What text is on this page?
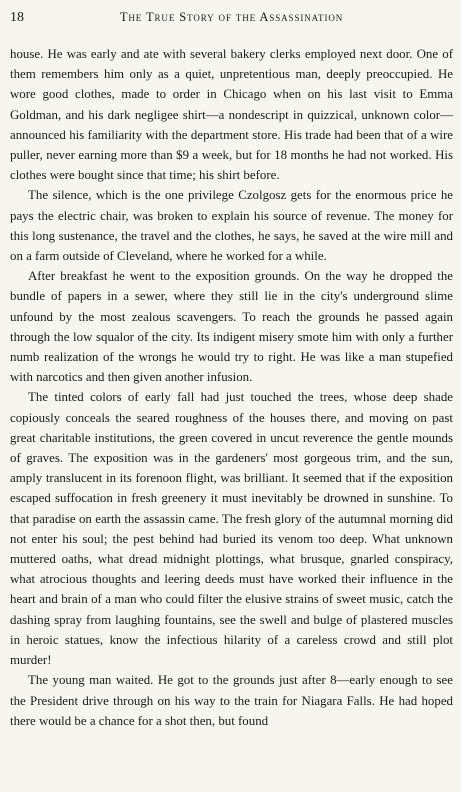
18	The True Story of the Assassination

house. He was early and ate with several bakery clerks employed next door. One of them remembers him only as a quiet, unpretentious man, deeply preoccupied. He wore good clothes, made to order in Chicago when on his last visit to Emma Goldman, and his dark negligee shirt—a nondescript in quizzical, unknown color—announced his familiarity with the department store. His trade had been that of a wire puller, never earning more than $9 a week, but for 18 months he had not worked. His clothes were bought since that time; his shirt before.

The silence, which is the one privilege Czolgosz gets for the enormous price he pays the electric chair, was broken to explain his source of revenue. The money for this long sustenance, the travel and the clothes, he says, he saved at the wire mill and on a farm outside of Cleveland, where he worked for a while.

After breakfast he went to the exposition grounds. On the way he dropped the bundle of papers in a sewer, where they still lie in the city's underground slime unfound by the most zealous scavengers. To reach the grounds he passed again through the low squalor of the city. Its indigent misery smote him with only a further numb realization of the wrongs he would try to right. He was like a man stupefied with narcotics and then given another infusion.

The tinted colors of early fall had just touched the trees, whose deep shade copiously conceals the seared roughness of the houses there, and moving on past great charitable institutions, the green covered in uncut reverence the gentle mounds of graves. The exposition was in the gardeners' most gorgeous trim, and the sun, amply translucent in its forenoon flight, was brilliant. It seemed that if the exposition escaped suffocation in fresh greenery it must inevitably be drowned in sunshine. To that paradise on earth the assassin came. The fresh glory of the autumnal morning did not enter his soul; the pest behind had buried its venom too deep. What unknown muttered oaths, what dread midnight plottings, what brusque, gnarled conspiracy, what atrocious thoughts and leering deeds must have worked their influence in the heart and brain of a man who could filter the elusive strains of sweet music, catch the dashing spray from laughing fountains, see the swell and bulge of plastered muscles in heroic statues, know the infectious hilarity of a careless crowd and still plot murder!

The young man waited. He got to the grounds just after 8—early enough to see the President drive through on his way to the train for Niagara Falls. He had hoped there would be a chance for a shot then, but found
